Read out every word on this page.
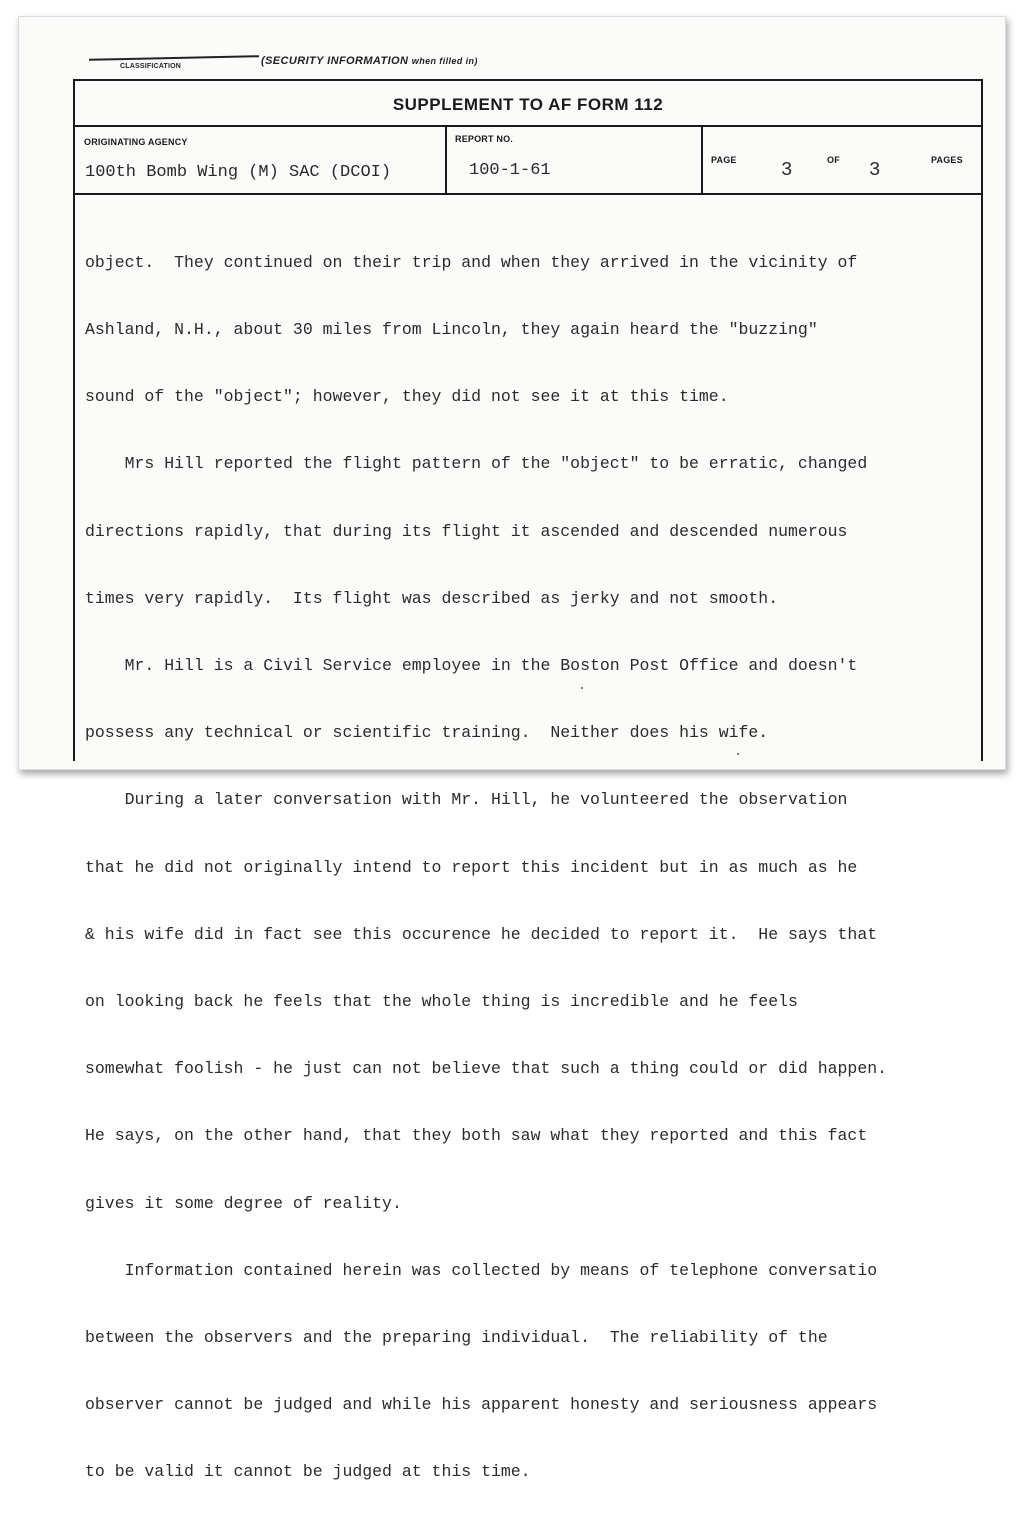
CLASSIFICATION	(SECURITY INFORMATION when filled in)
SUPPLEMENT TO AF FORM 112
ORIGINATING AGENCY
100th Bomb Wing (M) SAC (DCOI)
REPORT NO.
100-1-61
PAGE 3	OF 3	PAGES

object.  They continued on their trip and when they arrived in the vicinity of

Ashland, N.H., about 30 miles from Lincoln, they again heard the "buzzing"

sound of the "object"; however, they did not see it at this time.

Mrs Hill reported the flight pattern of the "object" to be erratic, changed

directions rapidly, that during its flight it ascended and descended numerous

times very rapidly.  Its flight was described as jerky and not smooth.

Mr. Hill is a Civil Service employee in the Boston Post Office and doesn't

possess any technical or scientific training.  Neither does his wife.

During a later conversation with Mr. Hill, he volunteered the observation

that he did not originally intend to report this incident but in as much as he

& his wife did in fact see this occurence he decided to report it.  He says that

on looking back he feels that the whole thing is incredible and he feels

somewhat foolish - he just can not believe that such a thing could or did happen.

He says, on the other hand, that they both saw what they reported and this fact

gives it some degree of reality.

Information contained herein was collected by means of telephone conversatio

between the observers and the preparing individual.  The reliability of the

observer cannot be judged and while his apparent honesty and seriousness appears

to be valid it cannot be judged at this time.
